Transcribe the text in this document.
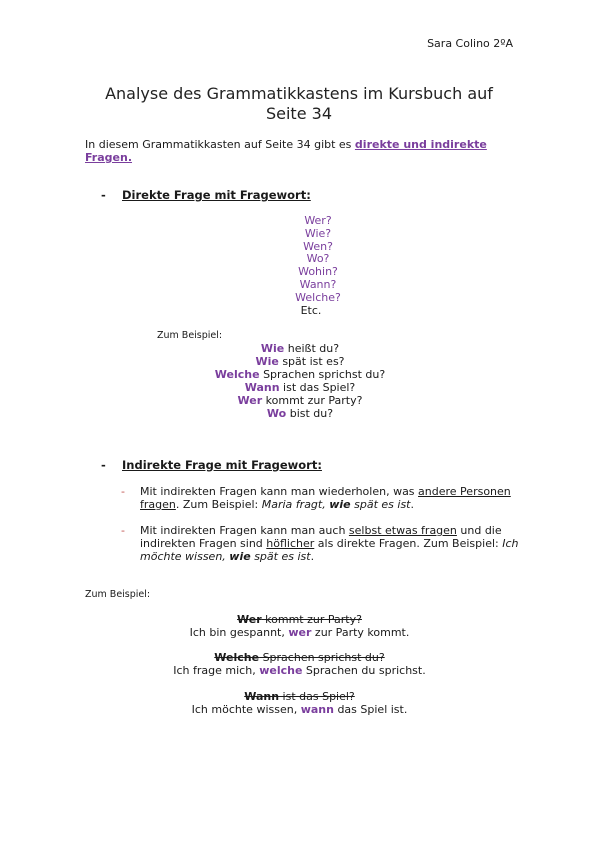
Sara Colino 2ºA
Analyse des Grammatikkastens im Kursbuch auf Seite 34
In diesem Grammatikkasten auf Seite 34 gibt es direkte und indirekte Fragen.
- Direkte Frage mit Fragewort:
Wer?
Wie?
Wen?
Wo?
Wohin?
Wann?
Welche?
Etc.
Zum Beispiel:
Wie heißt du?
Wie spät ist es?
Welche Sprachen sprichst du?
Wann ist das Spiel?
Wer kommt zur Party?
Wo bist du?
- Indirekte Frage mit Fragewort:
- Mit indirekten Fragen kann man wiederholen, was andere Personen fragen. Zum Beispiel: Maria fragt, wie spät es ist.
- Mit indirekten Fragen kann man auch selbst etwas fragen und die indirekten Fragen sind höflicher als direkte Fragen. Zum Beispiel: Ich möchte wissen, wie spät es ist.
Zum Beispiel:
Wer kommt zur Party?
Ich bin gespannt, wer zur Party kommt.
Welche Sprachen sprichst du?
Ich frage mich, welche Sprachen du sprichst.
Wann ist das Spiel?
Ich möchte wissen, wann das Spiel ist.
